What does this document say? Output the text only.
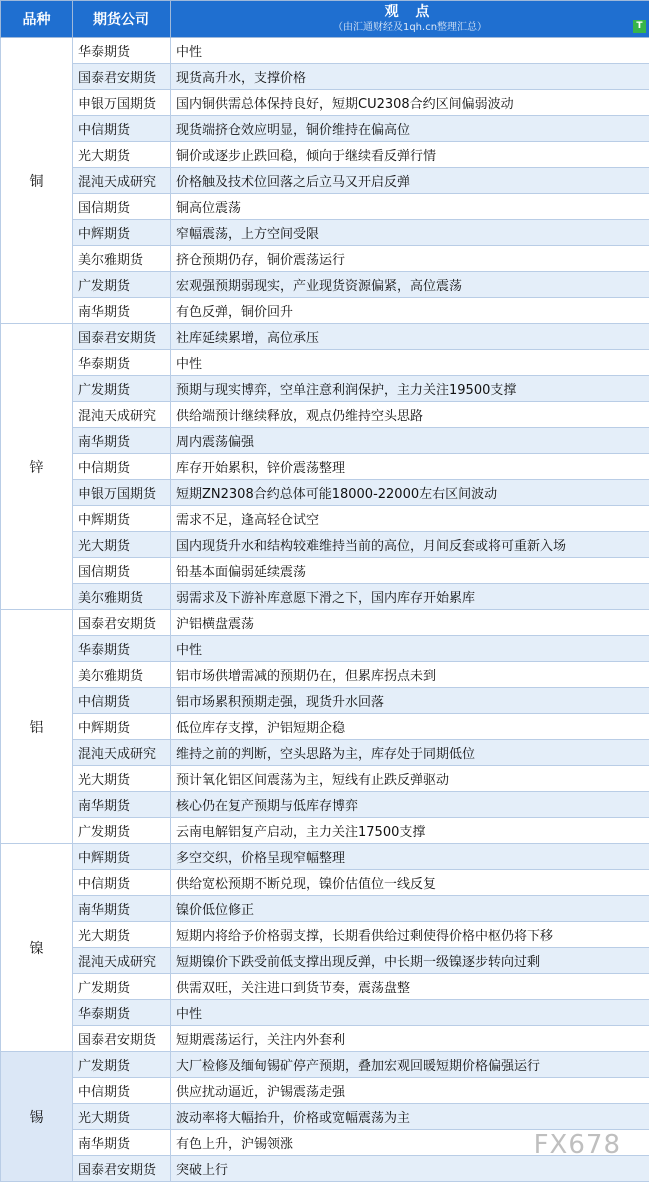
品种	期货公司	观 点
（由汇通财经及1qh.cn整理汇总） T

铜	华泰期货	中性
	国泰君安期货	现货高升水，支撑价格
	申银万国期货	国内铜供需总体保持良好，短期CU2308合约区间偏弱波动
	中信期货	现货端挤仓效应明显，铜价维持在偏高位
	光大期货	铜价或逐步止跌回稳，倾向于继续看反弹行情
	混沌天成研究	价格触及技术位回落之后立马又开启反弹
	国信期货	铜高位震荡
	中辉期货	窄幅震荡，上方空间受限
	美尔雅期货	挤仓预期仍存，铜价震荡运行
	广发期货	宏观强预期弱现实，产业现货资源偏紧，高位震荡
	南华期货	有色反弹，铜价回升
锌	国泰君安期货	社库延续累增，高位承压
	华泰期货	中性
	广发期货	预期与现实博弈，空单注意利润保护，主力关注19500支撑
	混沌天成研究	供给端预计继续释放，观点仍维持空头思路
	南华期货	周内震荡偏强
	中信期货	库存开始累积，锌价震荡整理
	申银万国期货	短期ZN2308合约总体可能18000-22000左右区间波动
	中辉期货	需求不足，逢高轻仓试空
	光大期货	国内现货升水和结构较难维持当前的高位，月间反套或将可重新入场
	国信期货	铅基本面偏弱延续震荡
	美尔雅期货	弱需求及下游补库意愿下滑之下，国内库存开始累库
铝	国泰君安期货	沪铝横盘震荡
	华泰期货	中性
	美尔雅期货	铝市场供增需减的预期仍在，但累库拐点未到
	中信期货	铝市场累积预期走强，现货升水回落
	中辉期货	低位库存支撑，沪铝短期企稳
	混沌天成研究	维持之前的判断，空头思路为主，库存处于同期低位
	光大期货	预计氧化铝区间震荡为主，短线有止跌反弹驱动
	南华期货	核心仍在复产预期与低库存博弈
	广发期货	云南电解铝复产启动，主力关注17500支撑
镍	中辉期货	多空交织，价格呈现窄幅整理
	中信期货	供给宽松预期不断兑现，镍价估值位一线反复
	南华期货	镍价低位修正
	光大期货	短期内将给予价格弱支撑，长期看供给过剩使得价格中枢仍将下移
	混沌天成研究	短期镍价下跌受前低支撑出现反弹，中长期一级镍逐步转向过剩
	广发期货	供需双旺，关注进口到货节奏，震荡盘整
	华泰期货	中性
	国泰君安期货	短期震荡运行，关注内外套利
锡	广发期货	大厂检修及缅甸锡矿停产预期，叠加宏观回暖短期价格偏强运行
	中信期货	供应扰动逼近，沪锡震荡走强
	光大期货	波动率将大幅抬升，价格或宽幅震荡为主
	南华期货	有色上升，沪锡领涨
	国泰君安期货	突破上行
FX678
